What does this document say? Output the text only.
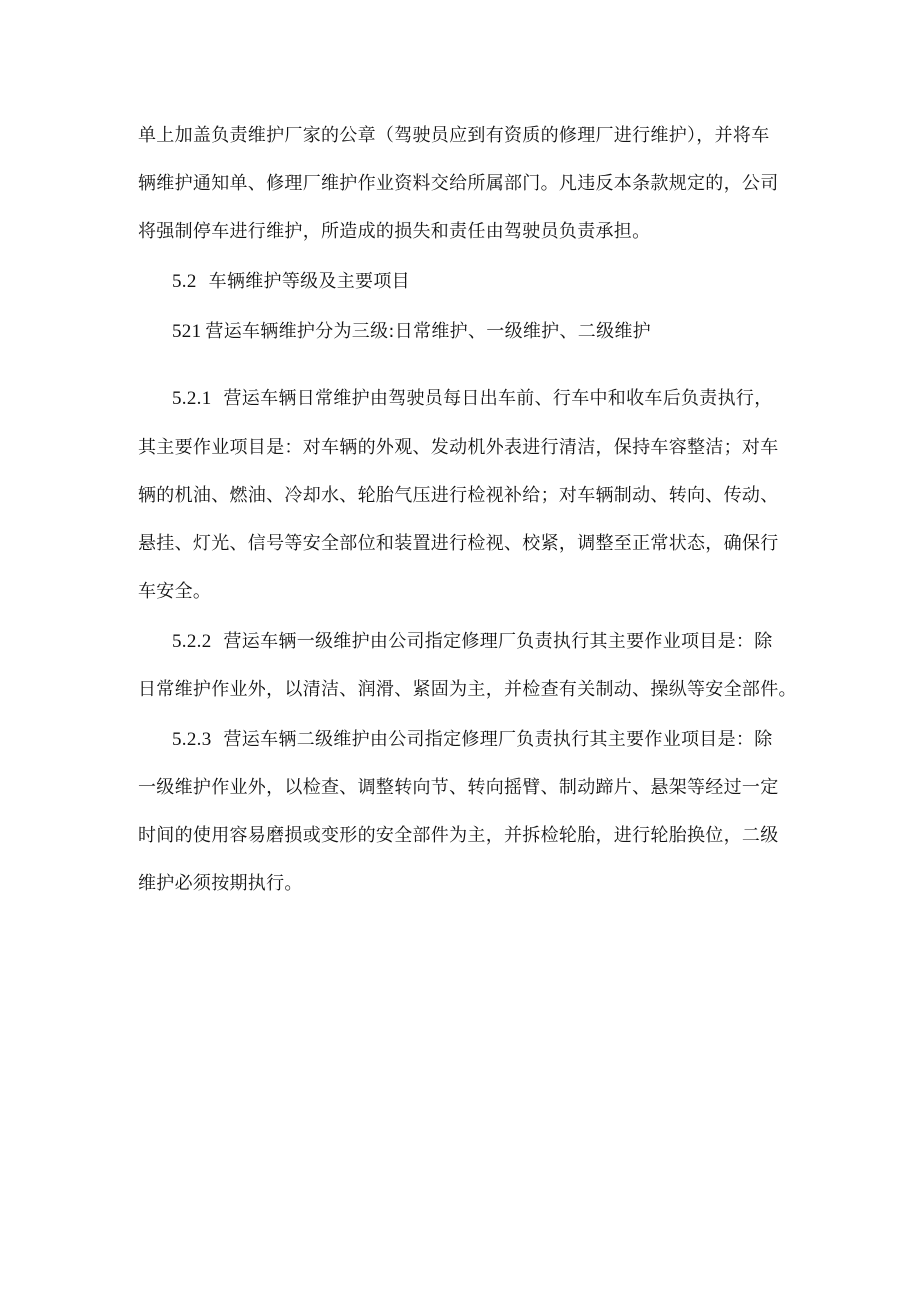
单上加盖负责维护厂家的公章（驾驶员应到有资质的修理厂进行维护），并将车
辆维护通知单、修理厂维护作业资料交给所属部门。凡违反本条款规定的，公司
将强制停车进行维护，所造成的损失和责任由驾驶员负责承担。
5.2 车辆维护等级及主要项目
521 营运车辆维护分为三级:日常维护、一级维护、二级维护
5.2.1 营运车辆日常维护由驾驶员每日出车前、行车中和收车后负责执行，
其主要作业项目是：对车辆的外观、发动机外表进行清洁，保持车容整洁；对车
辆的机油、燃油、冷却水、轮胎气压进行检视补给；对车辆制动、转向、传动、
悬挂、灯光、信号等安全部位和装置进行检视、校紧，调整至正常状态，确保行
车安全。
5.2.2 营运车辆一级维护由公司指定修理厂负责执行其主要作业项目是：除
日常维护作业外，以清洁、润滑、紧固为主，并检查有关制动、操纵等安全部件。
5.2.3 营运车辆二级维护由公司指定修理厂负责执行其主要作业项目是：除
一级维护作业外，以检查、调整转向节、转向摇臂、制动蹄片、悬架等经过一定
时间的使用容易磨损或变形的安全部件为主，并拆检轮胎，进行轮胎换位，二级
维护必须按期执行。
